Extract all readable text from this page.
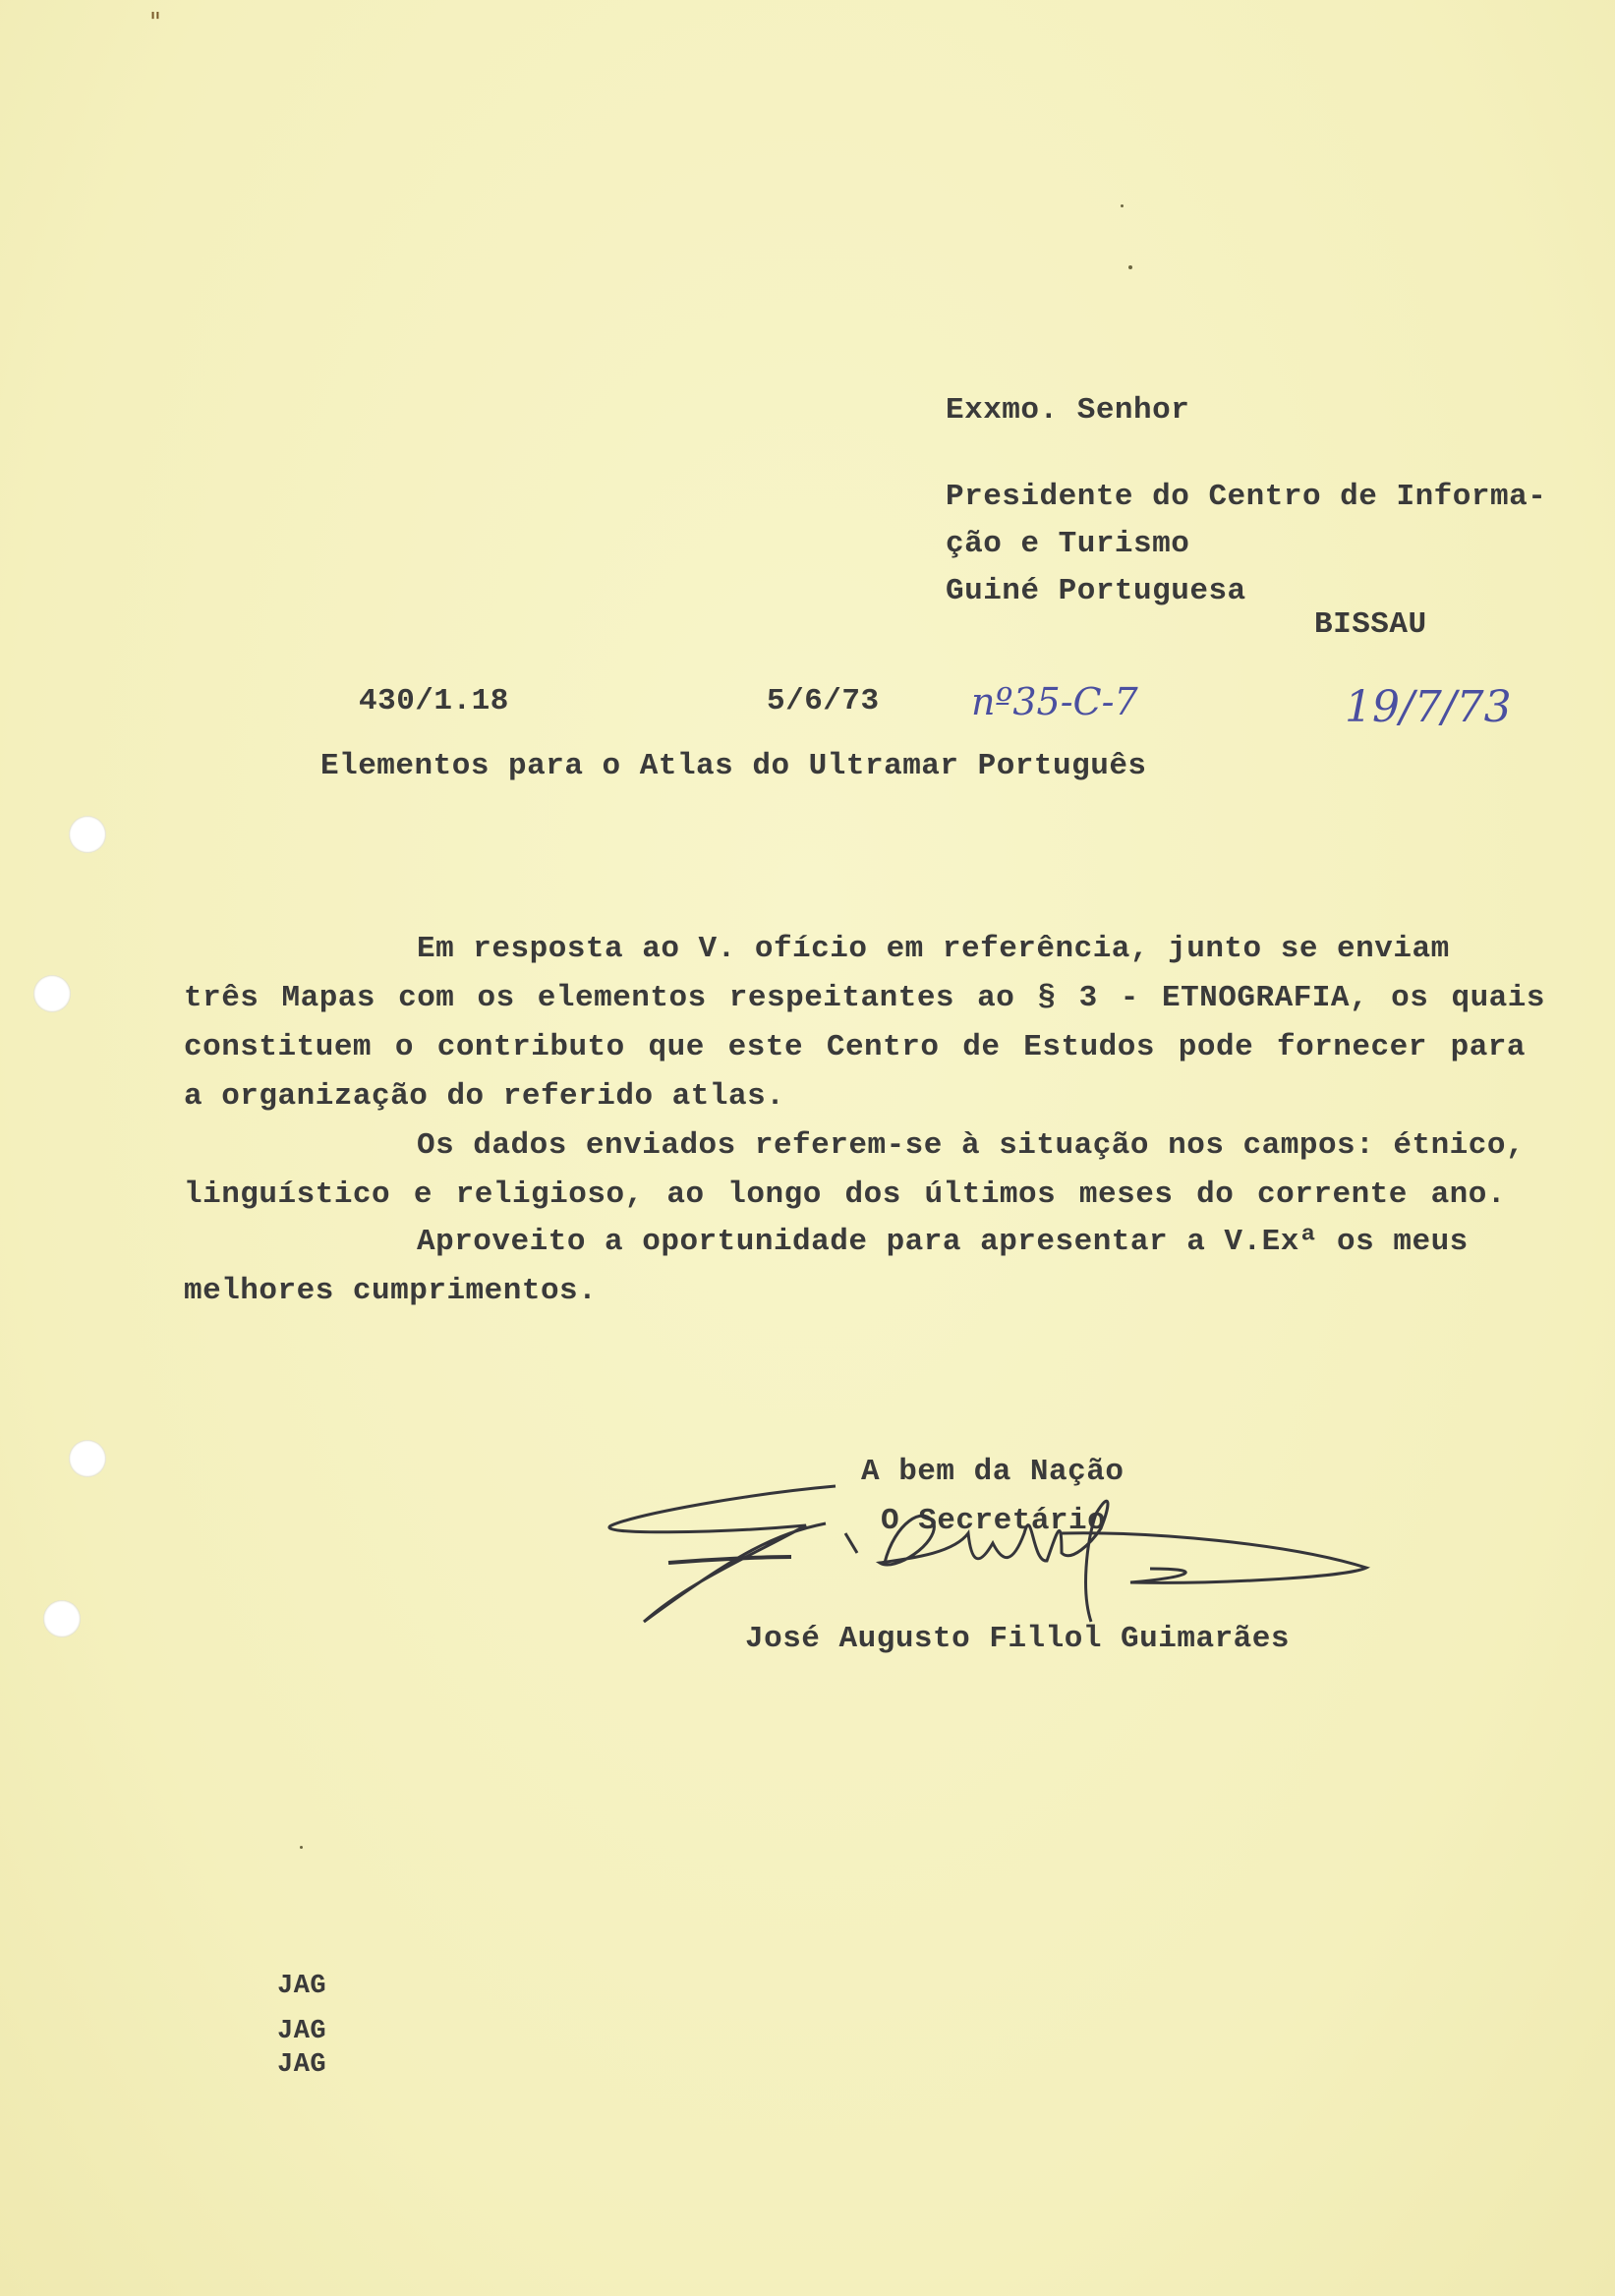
"
Exxmo. Senhor
Presidente do Centro de Informa-
ção e Turismo
Guiné Portuguesa
BISSAU
430/1.18	5/6/73 nº35-C-7	19/7/73
Elementos para o Atlas do Ultramar Português
Em resposta ao V. ofício em referência, junto se enviam
três Mapas com os elementos respeitantes ao § 3 - ETNOGRAFIA, os quais
constituem o contributo que este Centro de Estudos pode fornecer para
a organização do referido atlas.
Os dados enviados referem-se à situação nos campos: étnico,
linguístico e religioso, ao longo dos últimos meses do corrente ano.
Aproveito a oportunidade para apresentar a V.Exª os meus
melhores cumprimentos.
A bem da Nação
O Secretário
José Augusto Fillol Guimarães
JAG
JAG
JAG
